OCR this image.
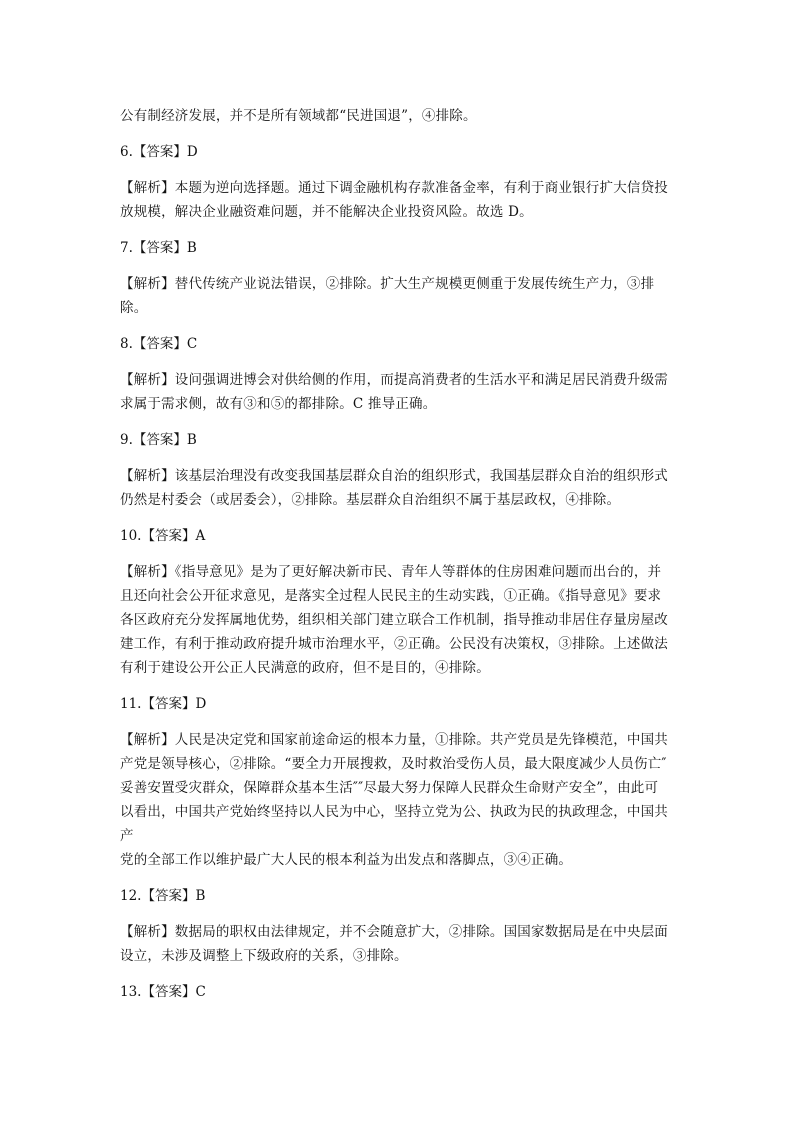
公有制经济发展，并不是所有领域都“民进国退”，④排除。

6.【答案】D

【解析】本题为逆向选择题。通过下调金融机构存款准备金率，有利于商业银行扩大信贷投
放规模，解决企业融资难问题，并不能解决企业投资风险。故选 D。

7.【答案】B

【解析】替代传统产业说法错误，②排除。扩大生产规模更侧重于发展传统生产力，③排除。

8.【答案】C

【解析】设问强调进博会对供给侧的作用，而提高消费者的生活水平和满足居民消费升级需
求属于需求侧，故有③和⑤的都排除。C 推导正确。

9.【答案】B

【解析】该基层治理没有改变我国基层群众自治的组织形式，我国基层群众自治的组织形式
仍然是村委会（或居委会），②排除。基层群众自治组织不属于基层政权，④排除。

10.【答案】A

【解析】《指导意见》是为了更好解决新市民、青年人等群体的住房困难问题而出台的，并
且还向社会公开征求意见，是落实全过程人民民主的生动实践，①正确。《指导意见》要求
各区政府充分发挥属地优势，组织相关部门建立联合工作机制，指导推动非居住存量房屋改
建工作，有利于推动政府提升城市治理水平，②正确。公民没有决策权，③排除。上述做法
有利于建设公开公正人民满意的政府，但不是目的，④排除。

11.【答案】D

【解析】人民是决定党和国家前途命运的根本力量，①排除。共产党员是先锋模范，中国共
产党是领导核心，②排除。“要全力开展搜救，及时救治受伤人员，最大限度减少人员伤亡″
妥善安置受灾群众，保障群众基本生活″″尽最大努力保障人民群众生命财产安全”，由此可
以看出，中国共产党始终坚持以人民为中心，坚持立党为公、执政为民的执政理念，中国共产
党的全部工作以维护最广大人民的根本利益为出发点和落脚点，③④正确。

12.【答案】B

【解析】数据局的职权由法律规定，并不会随意扩大，②排除。国国家数据局是在中央层面
设立，未涉及调整上下级政府的关系，③排除。

13.【答案】C
